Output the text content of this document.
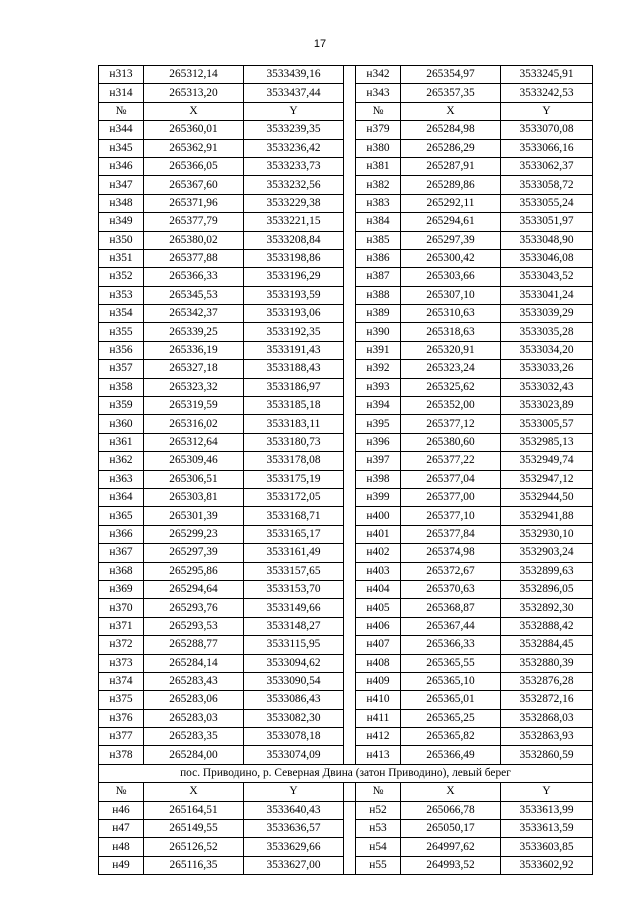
17
н313	265312,14	3533439,16		н342	265354,97	3533245,91
н314	265313,20	3533437,44		н343	265357,35	3533242,53
№	X	Y		№	X	Y
н344	265360,01	3533239,35		н379	265284,98	3533070,08
н345	265362,91	3533236,42		н380	265286,29	3533066,16
н346	265366,05	3533233,73		н381	265287,91	3533062,37
н347	265367,60	3533232,56		н382	265289,86	3533058,72
н348	265371,96	3533229,38		н383	265292,11	3533055,24
н349	265377,79	3533221,15		н384	265294,61	3533051,97
н350	265380,02	3533208,84		н385	265297,39	3533048,90
н351	265377,88	3533198,86		н386	265300,42	3533046,08
н352	265366,33	3533196,29		н387	265303,66	3533043,52
н353	265345,53	3533193,59		н388	265307,10	3533041,24
н354	265342,37	3533193,06		н389	265310,63	3533039,29
н355	265339,25	3533192,35		н390	265318,63	3533035,28
н356	265336,19	3533191,43		н391	265320,91	3533034,20
н357	265327,18	3533188,43		н392	265323,24	3533033,26
н358	265323,32	3533186,97		н393	265325,62	3533032,43
н359	265319,59	3533185,18		н394	265352,00	3533023,89
н360	265316,02	3533183,11		н395	265377,12	3533005,57
н361	265312,64	3533180,73		н396	265380,60	3532985,13
н362	265309,46	3533178,08		н397	265377,22	3532949,74
н363	265306,51	3533175,19		н398	265377,04	3532947,12
н364	265303,81	3533172,05		н399	265377,00	3532944,50
н365	265301,39	3533168,71		н400	265377,10	3532941,88
н366	265299,23	3533165,17		н401	265377,84	3532930,10
н367	265297,39	3533161,49		н402	265374,98	3532903,24
н368	265295,86	3533157,65		н403	265372,67	3532899,63
н369	265294,64	3533153,70		н404	265370,63	3532896,05
н370	265293,76	3533149,66		н405	265368,87	3532892,30
н371	265293,53	3533148,27		н406	265367,44	3532888,42
н372	265288,77	3533115,95		н407	265366,33	3532884,45
н373	265284,14	3533094,62		н408	265365,55	3532880,39
н374	265283,43	3533090,54		н409	265365,10	3532876,28
н375	265283,06	3533086,43		н410	265365,01	3532872,16
н376	265283,03	3533082,30		н411	265365,25	3532868,03
н377	265283,35	3533078,18		н412	265365,82	3532863,93
н378	265284,00	3533074,09		н413	265366,49	3532860,59
пос. Приводино, р. Северная Двина (затон Приводино), левый берег						
№	X	Y		№	X	Y
н46	265164,51	3533640,43		н52	265066,78	3533613,99
н47	265149,55	3533636,57		н53	265050,17	3533613,59
н48	265126,52	3533629,66		н54	264997,62	3533603,85
н49	265116,35	3533627,00		н55	264993,52	3533602,92
